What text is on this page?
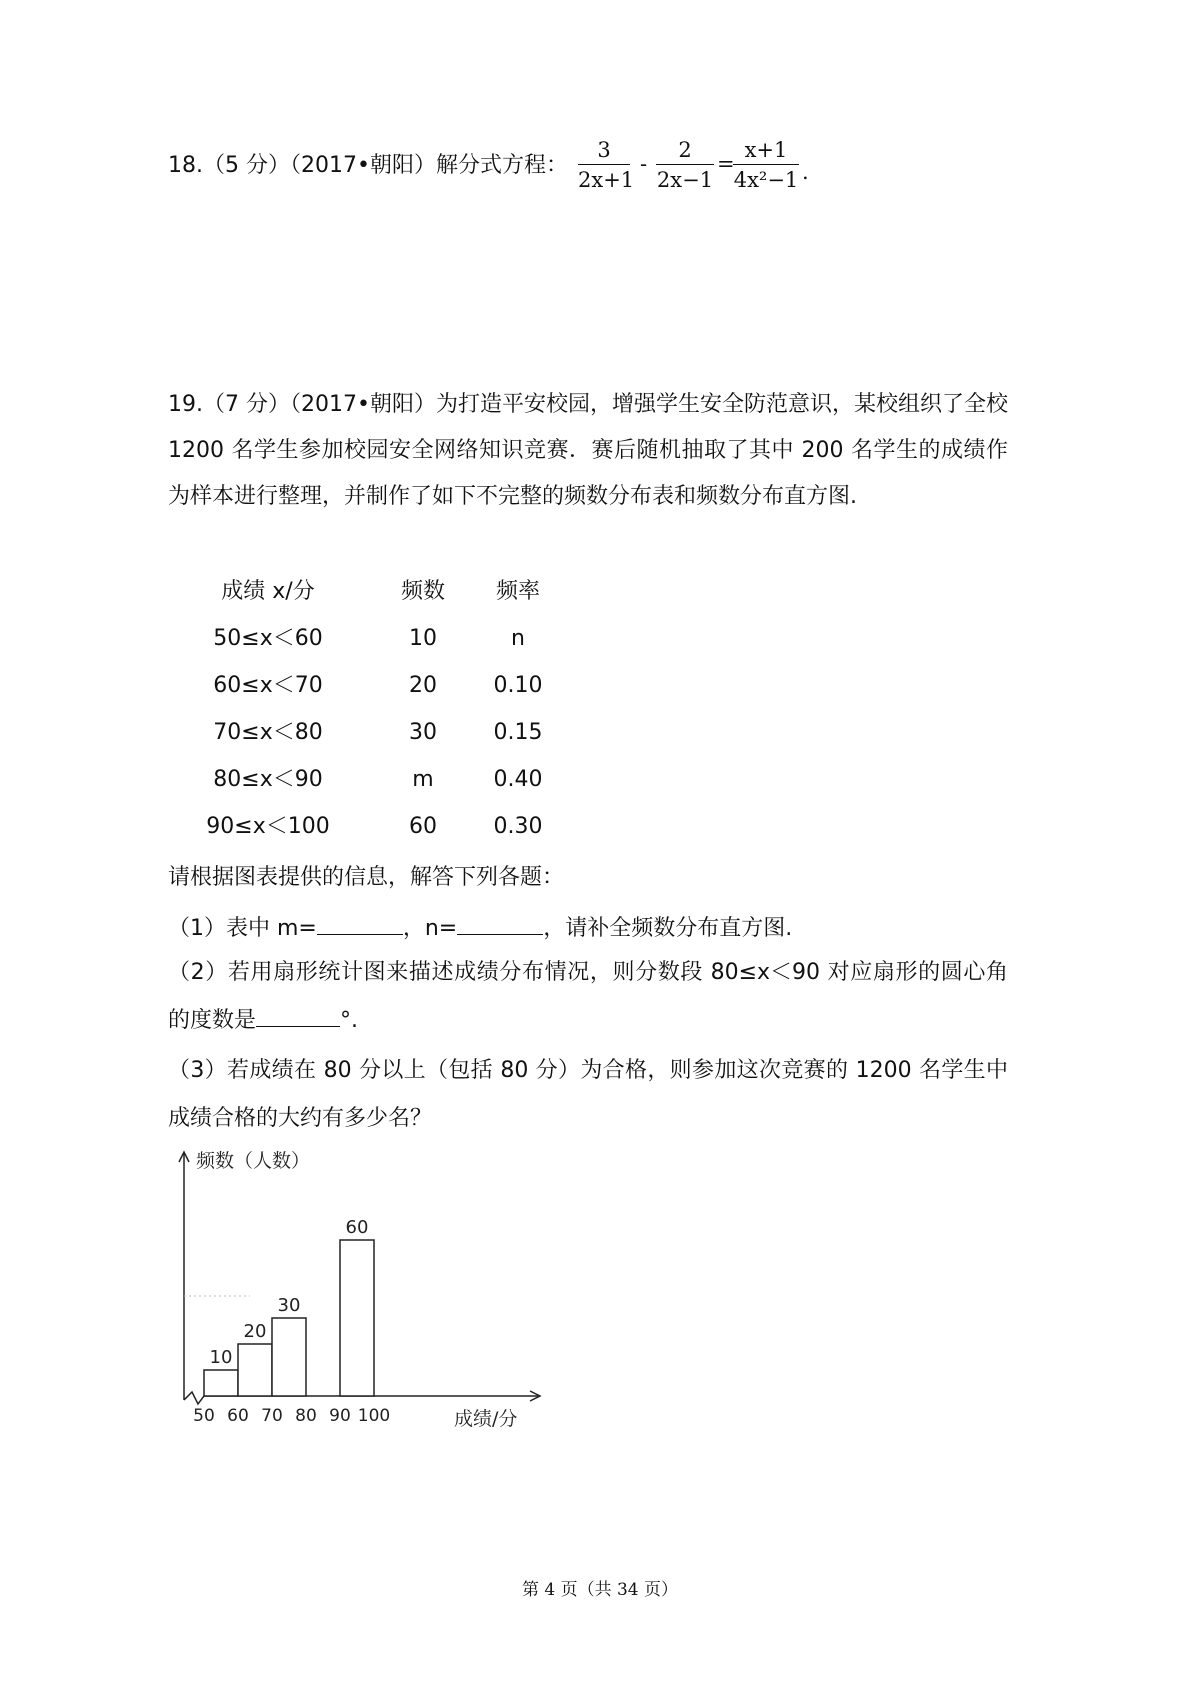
18.（5 分）（2017•朝阳）解分式方程：
3
2x+1
-
2
2x−1
=
x+1
4x²−1 .
19.（7 分）（2017•朝阳）为打造平安校园，增强学生安全防范意识，某校组织了全校 1200 名学生参加校园安全网络知识竞赛．赛后随机抽取了其中 200 名学生的成绩作为样本进行整理，并制作了如下不完整的频数分布表和频数分布直方图.
成绩 x/分	频数	频率
50≤x＜60	10	n
60≤x＜70	20	0.10
70≤x＜80	30	0.15
80≤x＜90	m	0.40
90≤x＜100	60	0.30
请根据图表提供的信息，解答下列各题：
（1）表中 m=	，n=	，请补全频数分布直方图.
（2）若用扇形统计图来描述成绩分布情况，则分数段 80≤x＜90 对应扇形的圆心角的度数是	°.
（3）若成绩在 80 分以上（包括 80 分）为合格，则参加这次竞赛的 1200 名学生中成绩合格的大约有多少名？
频数（人数）
成绩/分
10
20
30
60
50 60 70 80 90 100
第 4 页（共 34 页）
